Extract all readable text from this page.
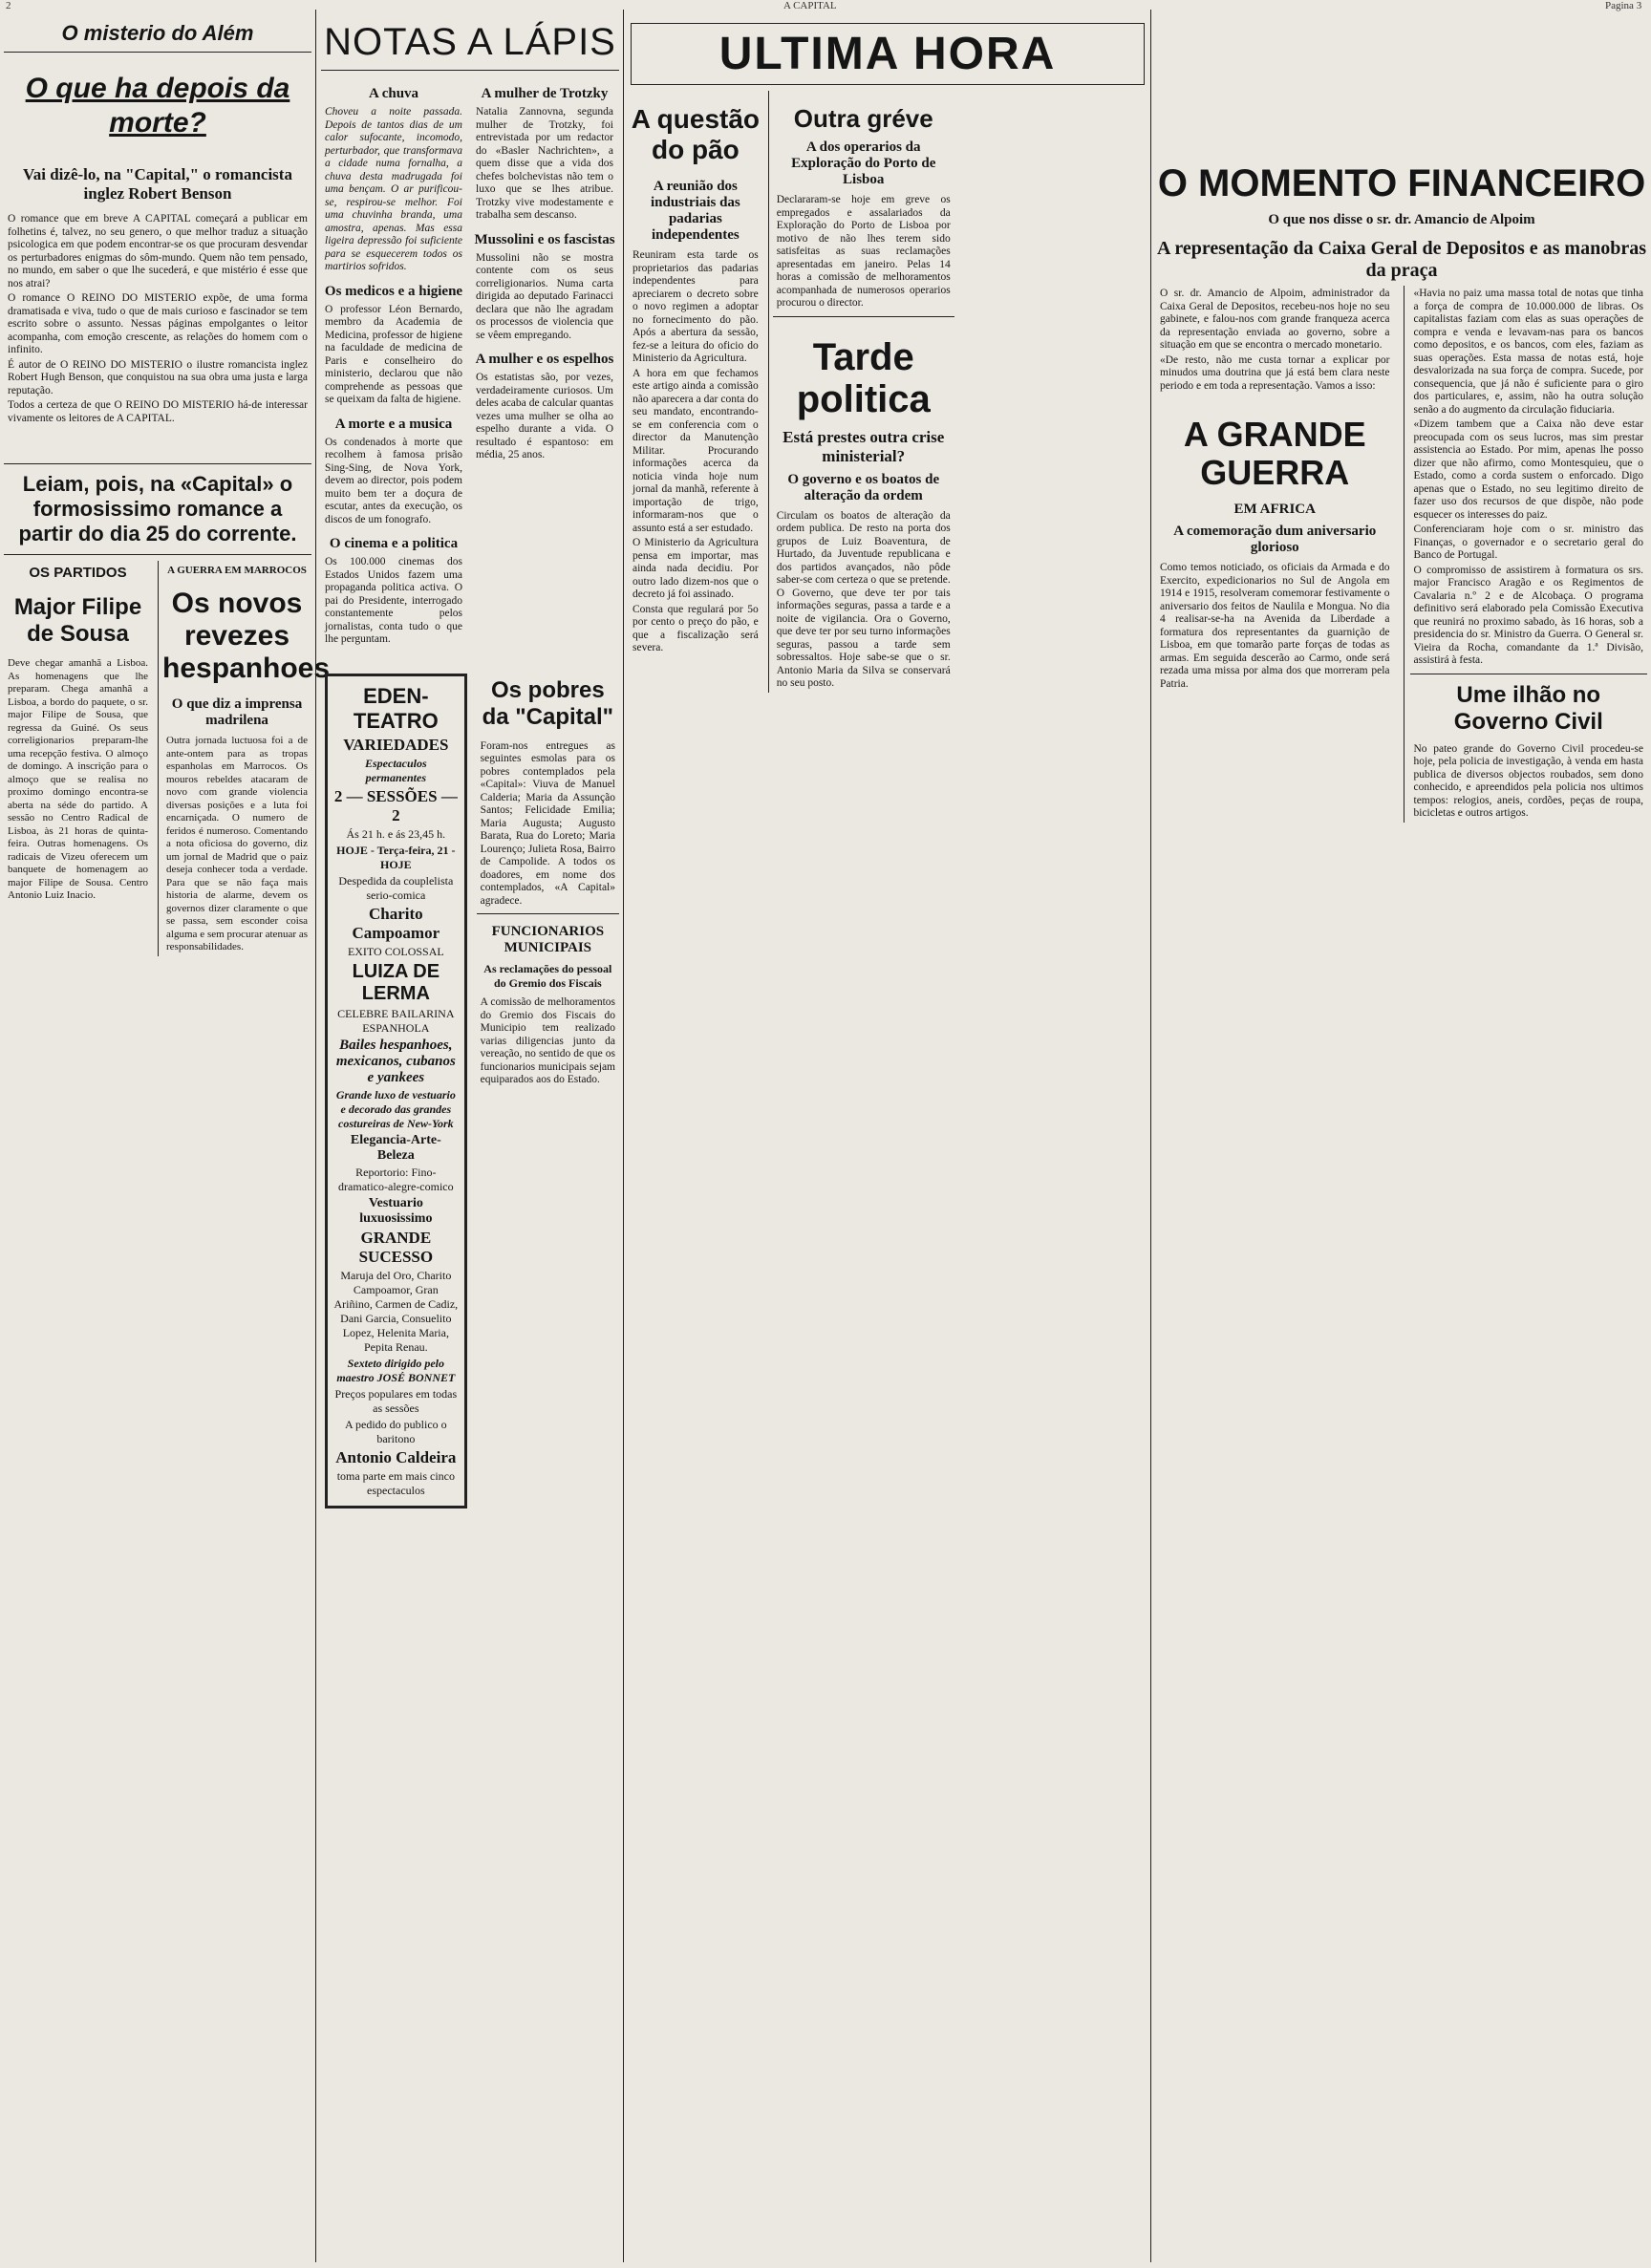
2	A CAPITAL	Pagina 3
O misterio do Além
O que ha depois da morte?
Vai dizê-lo, na "Capital," o romancista inglez Robert Benson

O romance que em breve A CAPITAL começará a publicar em folhetins é, talvez, no seu genero, o que melhor traduz a situação psicologica em que podem encontrar-se os que procuram desvendar os perturbadores enigmas do sôm-mundo. Quem não tem pensado, no mundo, em saber o que lhe sucederá, e que mistério é esse que nos atrai?

O romance O REINO DO MISTERIO expõe, de uma forma dramatisada e viva, tudo o que de mais curioso e fascinador se tem escrito sobre o assunto. Nessas páginas empolgantes o leitor acompanha, com emoção crescente, as relações do homem com o infinito.

É autor de O REINO DO MISTERIO o ilustre romancista inglez Robert Hugh Benson, que conquistou na sua obra uma justa e larga reputação.

Todos a certeza de que O REINO DO MISTERIO há-de interessar vivamente os leitores de A CAPITAL.

Leiam, pois, na «Capital» o formosissimo romance a partir do dia 25 do corrente.
OS PARTIDOS
Major Filipe de Sousa

Deve chegar amanhã a Lisboa. As homenagens que lhe preparam. Chega amanhã a Lisboa, a bordo do paquete, o sr. major Filipe de Sousa, que regressa da Guiné. Os seus correligionarios preparam-lhe uma recepção festiva. O almoço de domingo. A inscrição para o almoço que se realisa no proximo domingo encontra-se aberta na séde do partido. A sessão no Centro Radical de Lisboa, às 21 horas de quinta-feira. Outras homenagens. Os radicais de Vizeu oferecem um banquete de homenagem ao major Filipe de Sousa. Centro Antonio Luiz Inacio.

A GUERRA EM MARROCOS
Os novos revezes hespanhoes
O que diz a imprensa madrilena

Outra jornada luctuosa foi a de ante-ontem para as tropas espanholas em Marrocos. Os mouros rebeldes atacaram de novo com grande violencia diversas posições e a luta foi encarniçada. O numero de feridos é numeroso. Comentando a nota oficiosa do governo, diz um jornal de Madrid que o paiz deseja conhecer toda a verdade. Para que se não faça mais historia de alarme, devem os governos dizer claramente o que se passa, sem esconder coisa alguma e sem procurar atenuar as responsabilidades.

NOTAS A LÁPIS
A chuva

Choveu a noite passada. Depois de tantos dias de um calor sufocante, incomodo, perturbador, que transformava a cidade numa fornalha, a chuva desta madrugada foi uma bençam. O ar purificou-se, respirou-se melhor. Foi uma chuvinha branda, uma amostra, apenas. Mas essa ligeira depressão foi suficiente para se esquecerem todos os martirios sofridos.

Os medicos e a higiene

O professor Léon Bernardo, membro da Academia de Medicina, professor de higiene na faculdade de medicina de Paris e conselheiro do ministerio, declarou que não comprehende as pessoas que se queixam da falta de higiene.

A morte e a musica

Os condenados à morte que recolhem à famosa prisão Sing-Sing, de Nova York, devem ao director, pois podem muito bem ter a doçura de escutar, antes da execução, os discos de um fonografo.

O cinema e a politica

Os 100.000 cinemas dos Estados Unidos fazem uma propaganda politica activa. O pai do Presidente, interrogado constantemente pelos jornalistas, conta tudo o que lhe perguntam.

A mulher de Trotzky

Natalia Zannovna, segunda mulher de Trotzky, foi entrevistada por um redactor do «Basler Nachrichten», a quem disse que a vida dos chefes bolchevistas não tem o luxo que se lhes atribue. Trotzky vive modestamente e trabalha sem descanso.

Mussolini e os fascistas

Mussolini não se mostra contente com os seus correligionarios. Numa carta dirigida ao deputado Farinacci declara que não lhe agradam os processos de violencia que se vêem empregando.

A mulher e os espelhos

Os estatistas são, por vezes, verdadeiramente curiosos. Um deles acaba de calcular quantas vezes uma mulher se olha ao espelho durante a vida. O resultado é espantoso: em média, 25 anos.

EDEN-TEATRO
VARIEDADES
Espectaculos permanentes
2 — SESSÕES — 2
Ás 21 h. e ás 23,45 h.
HOJE - Terça-feira, 21 - HOJE
Despedida da couplelista serio-comica
Charito Campoamor
EXITO COLOSSAL
LUIZA DE LERMA
CELEBRE BAILARINA ESPANHOLA
Bailes hespanhoes, mexicanos, cubanos e yankees
Grande luxo de vestuario e decorado das grandes costureiras de New-York
Elegancia-Arte-Beleza
Reportorio: Fino-dramatico-alegre-comico
Vestuario luxuosissimo
GRANDE SUCESSO
Maruja del Oro, Charito Campoamor, Gran Ariñino, Carmen de Cadiz, Dani Garcia, Consuelito Lopez, Helenita Maria, Pepita Renau.
Sexteto dirigido pelo maestro JOSÉ BONNET
Preços populares em todas as sessões
A pedido do publico o baritono
Antonio Caldeira
toma parte em mais cinco espectaculos
Os pobres da "Capital"

Foram-nos entregues as seguintes esmolas para os pobres contemplados pela «Capital»: Viuva de Manuel Calderia; Maria da Assunção Santos; Felicidade Emilia; Maria Augusta; Augusto Barata, Rua do Loreto; Maria Lourenço; Julieta Rosa, Bairro de Campolide. A todos os doadores, em nome dos contemplados, «A Capital» agradece.

FUNCIONARIOS MUNICIPAIS
As reclamações do pessoal do Gremio dos Fiscais

A comissão de melhoramentos do Gremio dos Fiscais do Municipio tem realizado varias diligencias junto da vereação, no sentido de que os funcionarios municipais sejam equiparados aos do Estado.

ULTIMA HORA
A questão do pão
A reunião dos industriais das padarias independentes

Reuniram esta tarde os proprietarios das padarias independentes para apreciarem o decreto sobre o novo regimen a adoptar no fornecimento do pão. Após a abertura da sessão, fez-se a leitura do oficio do Ministerio da Agricultura.

A hora em que fechamos este artigo ainda a comissão não aparecera a dar conta do seu mandato, encontrando-se em conferencia com o director da Manutenção Militar. Procurando informações acerca da noticia vinda hoje num jornal da manhã, referente à importação de trigo, informaram-nos que o assunto está a ser estudado.

O Ministerio da Agricultura pensa em importar, mas ainda nada decidiu. Por outro lado dizem-nos que o decreto já foi assinado.

Consta que regulará por 5o por cento o preço do pão, e que a fiscalização será severa.

Outra gréve
A dos operarios da Exploração do Porto de Lisboa

Declararam-se hoje em greve os empregados e assalariados da Exploração do Porto de Lisboa por motivo de não lhes terem sido satisfeitas as suas reclamações apresentadas em janeiro. Pelas 14 horas a comissão de melhoramentos acompanhada de numerosos operarios procurou o director.

Tarde politica
Está prestes outra crise ministerial?
O governo e os boatos de alteração da ordem

Circulam os boatos de alteração da ordem publica. De resto na porta dos grupos de Luiz Boaventura, de Hurtado, da Juventude republicana e dos partidos avançados, não pôde saber-se com certeza o que se pretende. O Governo, que deve ter por tais informações seguras, passa a tarde e a noite de vigilancia. Ora o Governo, que deve ter por seu turno informações seguras, passou a tarde sem sobressaltos. Hoje sabe-se que o sr. Antonio Maria da Silva se conservará no seu posto.

O MOMENTO FINANCEIRO
O que nos disse o sr. dr. Amancio de Alpoim
A representação da Caixa Geral de Depositos e as manobras da praça

O sr. dr. Amancio de Alpoim, administrador da Caixa Geral de Depositos, recebeu-nos hoje no seu gabinete, e falou-nos com grande franqueza acerca da representação enviada ao governo, sobre a situação em que se encontra o mercado monetario.

«De resto, não me custa tornar a explicar por minudos uma doutrina que já está bem clara neste periodo e em toda a representação. Vamos a isso:

A GRANDE GUERRA
EM AFRICA
A comemoração dum aniversario glorioso

Como temos noticiado, os oficiais da Armada e do Exercito, expedicionarios no Sul de Angola em 1914 e 1915, resolveram comemorar festivamente o aniversario dos feitos de Naulila e Mongua. No dia 4 realisar-se-ha na Avenida da Liberdade a formatura dos representantes da guarnição de Lisboa, em que tomarão parte forças de todas as armas. Em seguida descerão ao Carmo, onde será rezada uma missa por alma dos que morreram pela Patria.

«Havia no paiz uma massa total de notas que tinha a força de compra de 10.000.000 de libras. Os capitalistas faziam com elas as suas operações de compra e venda e levavam-nas para os bancos como depositos, e os bancos, com eles, faziam as suas operações. Esta massa de notas está, hoje desvalorizada na sua força de compra. Sucede, por consequencia, que já não é suficiente para o giro dos particulares, e, assim, não ha outra solução senão a do augmento da circulação fiduciaria.

«Dizem tambem que a Caixa não deve estar preocupada com os seus lucros, mas sim prestar assistencia ao Estado. Por mim, apenas lhe posso dizer que não afirmo, como Montesquieu, que o Estado, como a corda sustem o enforcado. Digo apenas que o Estado, no seu legitimo direito de fazer uso dos recursos de que dispõe, não pode esquecer os interesses do paiz.

Conferenciaram hoje com o sr. ministro das Finanças, o governador e o secretario geral do Banco de Portugal.

O compromisso de assistirem à formatura os srs. major Francisco Aragão e os Regimentos de Cavalaria n.º 2 e de Alcobaça. O programa definitivo será elaborado pela Comissão Executiva que reunirá no proximo sabado, às 16 horas, sob a presidencia do sr. Ministro da Guerra. O General sr. Vieira da Rocha, comandante da 1.ª Divisão, assistirá à festa.

Ume ilhão no Governo Civil

No pateo grande do Governo Civil procedeu-se hoje, pela policia de investigação, à venda em hasta publica de diversos objectos roubados, sem dono conhecido, e apreendidos pela policia nos ultimos tempos: relogios, aneis, cordões, peças de roupa, bicicletas e outros artigos.
